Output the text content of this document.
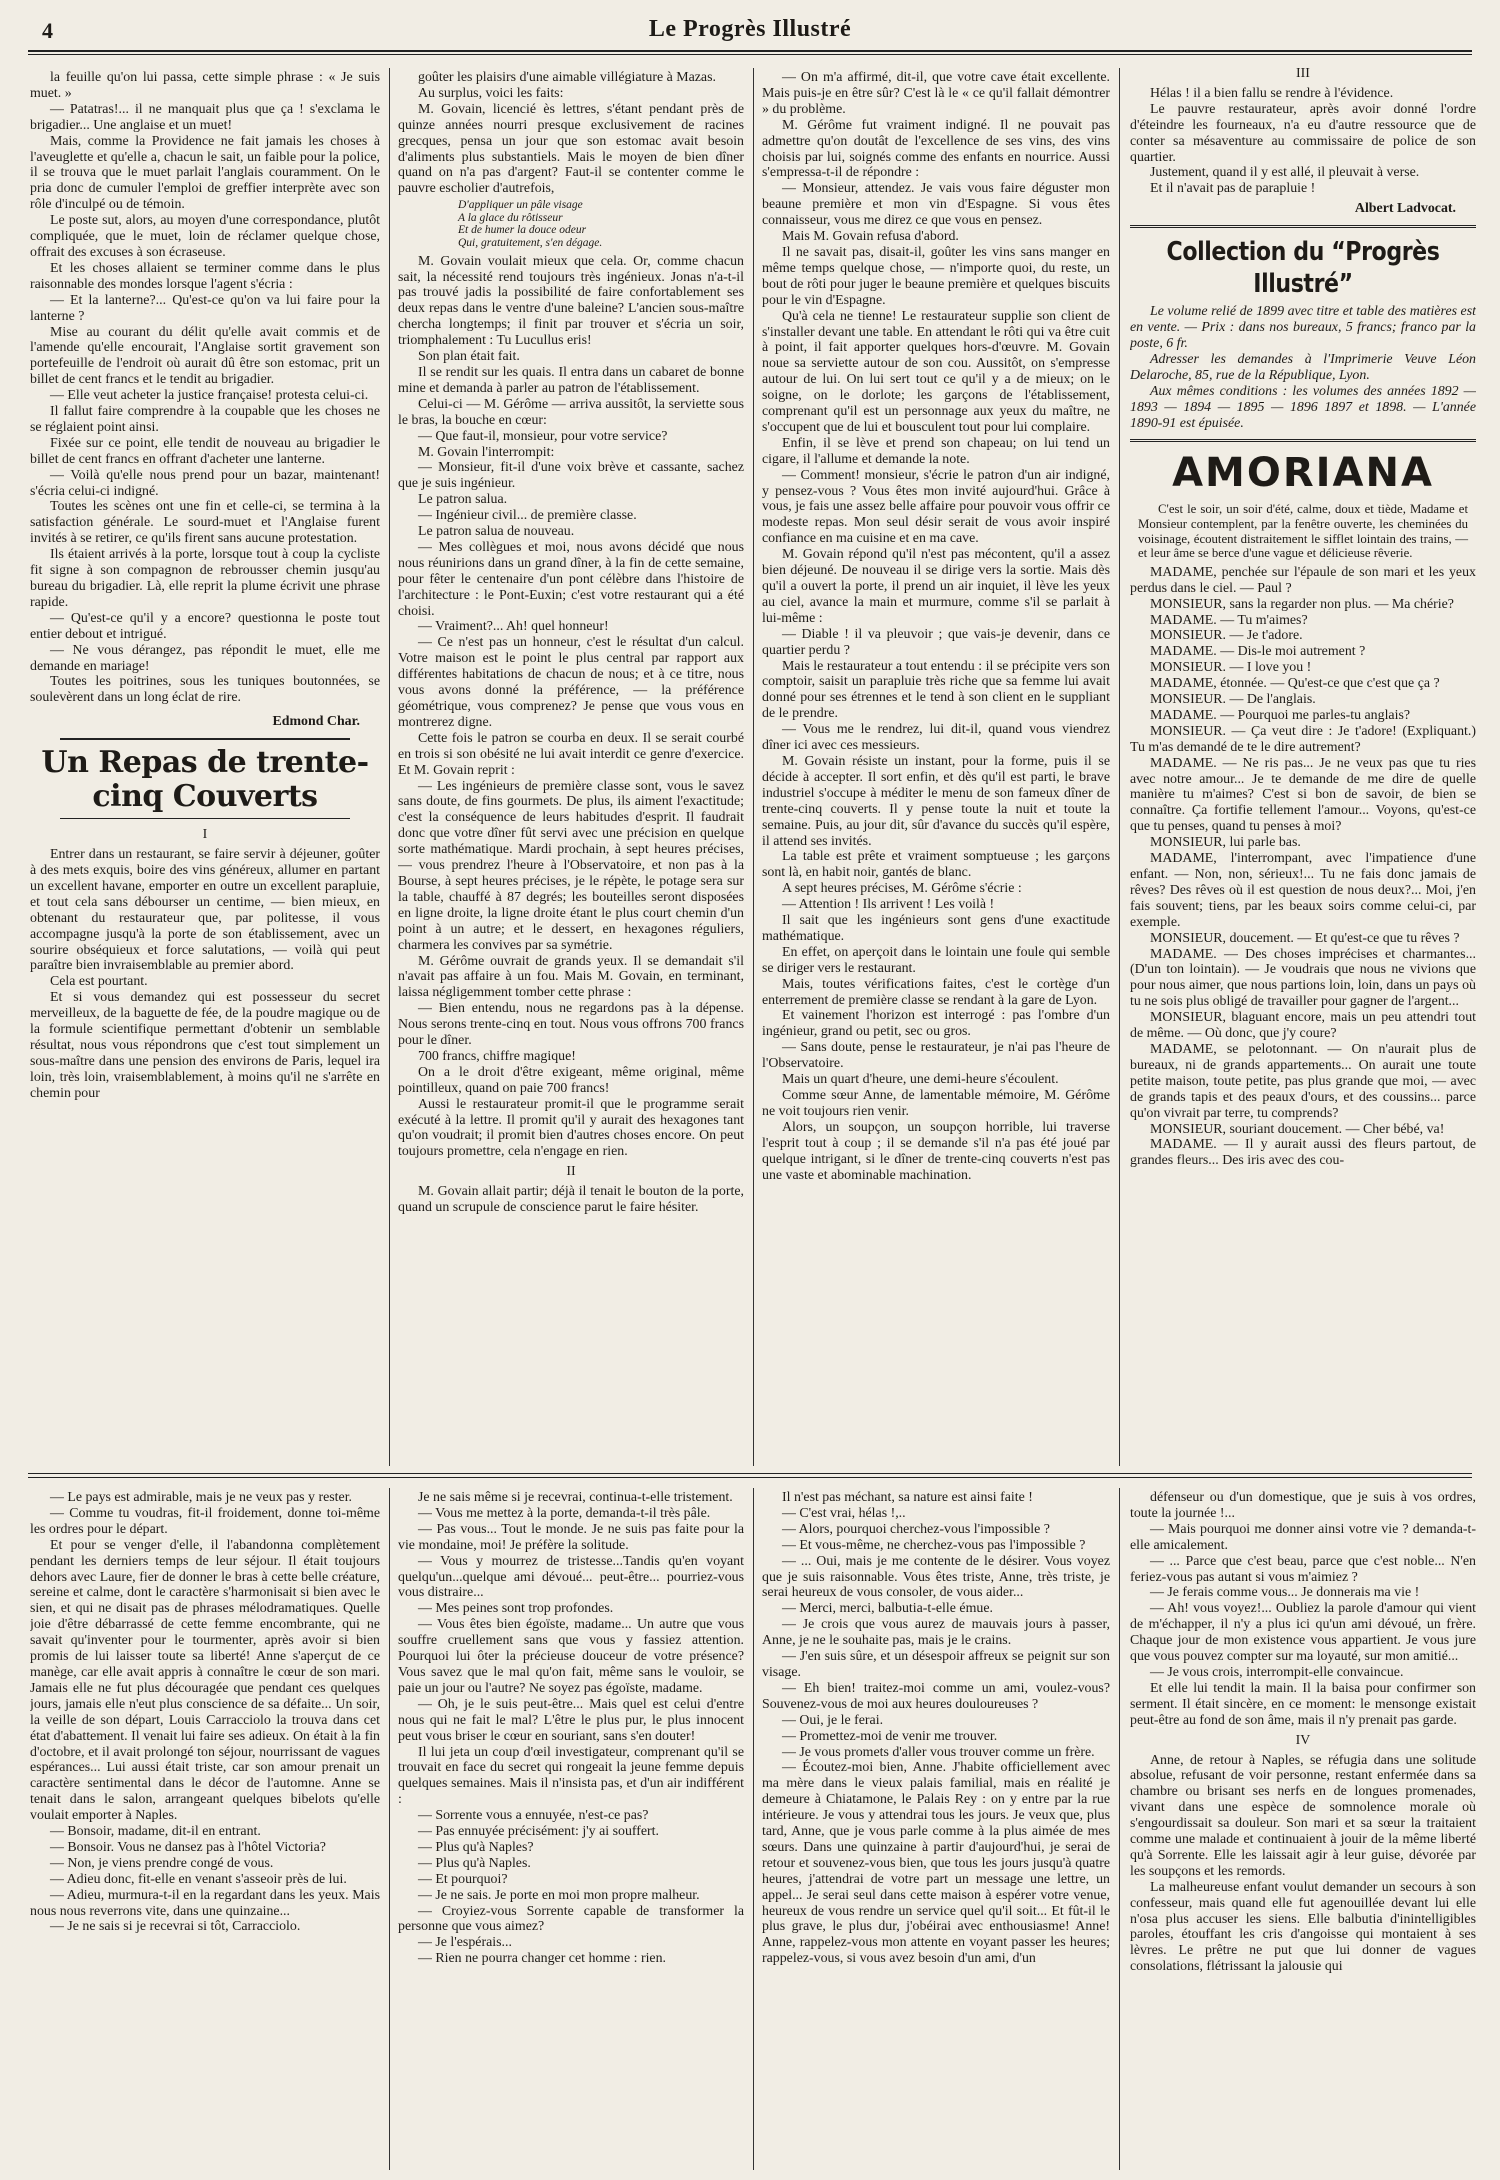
4	Le Progrès Illustré

la feuille qu'on lui passa, cette simple phrase : « Je suis muet. »

— Patatras!... il ne manquait plus que ça ! s'exclama le brigadier... Une anglaise et un muet!

Mais, comme la Providence ne fait jamais les choses à l'aveuglette et qu'elle a, chacun le sait, un faible pour la police, il se trouva que le muet parlait l'anglais couramment. On le pria donc de cumuler l'emploi de greffier interprète avec son rôle d'inculpé ou de témoin.

Le poste sut, alors, au moyen d'une correspondance, plutôt compliquée, que le muet, loin de réclamer quelque chose, offrait des excuses à son écraseuse.

Et les choses allaient se terminer comme dans le plus raisonnable des mondes lorsque l'agent s'écria :

— Et la lanterne?... Qu'est-ce qu'on va lui faire pour la lanterne ?

Mise au courant du délit qu'elle avait commis et de l'amende qu'elle encourait, l'Anglaise sortit gravement son portefeuille de l'endroit où aurait dû être son estomac, prit un billet de cent francs et le tendit au brigadier.

— Elle veut acheter la justice française! protesta celui-ci.

Il fallut faire comprendre à la coupable que les choses ne se réglaient point ainsi.

Fixée sur ce point, elle tendit de nouveau au brigadier le billet de cent francs en offrant d'acheter une lanterne.

— Voilà qu'elle nous prend pour un bazar, maintenant! s'écria celui-ci indigné.

Toutes les scènes ont une fin et celle-ci, se termina à la satisfaction générale. Le sourd-muet et l'Anglaise furent invités à se retirer, ce qu'ils firent sans aucune protestation.

Ils étaient arrivés à la porte, lorsque tout à coup la cycliste fit signe à son compagnon de rebrousser chemin jusqu'au bureau du brigadier. Là, elle reprit la plume écrivit une phrase rapide.

— Qu'est-ce qu'il y a encore? questionna le poste tout entier debout et intrigué.

— Ne vous dérangez, pas répondit le muet, elle me demande en mariage!

Toutes les poitrines, sous les tuniques boutonnées, se soulevèrent dans un long éclat de rire.

Edmond Char.
Un Repas de trente-cinq Couverts
I

Entrer dans un restaurant, se faire servir à déjeuner, goûter à des mets exquis, boire des vins généreux, allumer en partant un excellent havane, emporter en outre un excellent parapluie, et tout cela sans débourser un centime, — bien mieux, en obtenant du restaurateur que, par politesse, il vous accompagne jusqu'à la porte de son établissement, avec un sourire obséquieux et force salutations, — voilà qui peut paraître bien invraisemblable au premier abord.

Cela est pourtant.

Et si vous demandez qui est possesseur du secret merveilleux, de la baguette de fée, de la poudre magique ou de la formule scientifique permettant d'obtenir un semblable résultat, nous vous répondrons que c'est tout simplement un sous-maître dans une pension des environs de Paris, lequel ira loin, très loin, vraisemblablement, à moins qu'il ne s'arrête en chemin pour

goûter les plaisirs d'une aimable villégiature à Mazas.

Au surplus, voici les faits:

M. Govain, licencié ès lettres, s'étant pendant près de quinze années nourri presque exclusivement de racines grecques, pensa un jour que son estomac avait besoin d'aliments plus substantiels. Mais le moyen de bien dîner quand on n'a pas d'argent? Faut-il se contenter comme le pauvre escholier d'autrefois,

D'appliquer un pâle visage
A la glace du rôtisseur
Et de humer la douce odeur
Qui, gratuitement, s'en dégage.

M. Govain voulait mieux que cela. Or, comme chacun sait, la nécessité rend toujours très ingénieux. Jonas n'a-t-il pas trouvé jadis la possibilité de faire confortablement ses deux repas dans le ventre d'une baleine? L'ancien sous-maître chercha longtemps; il finit par trouver et s'écria un soir, triomphalement : Tu Lucullus eris!

Son plan était fait.

Il se rendit sur les quais. Il entra dans un cabaret de bonne mine et demanda à parler au patron de l'établissement.

Celui-ci — M. Gérôme — arriva aussitôt, la serviette sous le bras, la bouche en cœur:

— Que faut-il, monsieur, pour votre service?

M. Govain l'interrompit:

— Monsieur, fit-il d'une voix brève et cassante, sachez que je suis ingénieur.

Le patron salua.

— Ingénieur civil... de première classe.

Le patron salua de nouveau.

— Mes collègues et moi, nous avons décidé que nous nous réunirions dans un grand dîner, à la fin de cette semaine, pour fêter le centenaire d'un pont célèbre dans l'histoire de l'architecture : le Pont-Euxin; c'est votre restaurant qui a été choisi.

— Vraiment?... Ah! quel honneur!

— Ce n'est pas un honneur, c'est le résultat d'un calcul. Votre maison est le point le plus central par rapport aux différentes habitations de chacun de nous; et à ce titre, nous vous avons donné la préférence, — la préférence géométrique, vous comprenez? Je pense que vous vous en montrerez digne.

Cette fois le patron se courba en deux. Il se serait courbé en trois si son obésité ne lui avait interdit ce genre d'exercice. Et M. Govain reprit :

— Les ingénieurs de première classe sont, vous le savez sans doute, de fins gourmets. De plus, ils aiment l'exactitude; c'est la conséquence de leurs habitudes d'esprit. Il faudrait donc que votre dîner fût servi avec une précision en quelque sorte mathématique. Mardi prochain, à sept heures précises, — vous prendrez l'heure à l'Observatoire, et non pas à la Bourse, à sept heures précises, je le répète, le potage sera sur la table, chauffé à 87 degrés; les bouteilles seront disposées en ligne droite, la ligne droite étant le plus court chemin d'un point à un autre; et le dessert, en hexagones réguliers, charmera les convives par sa symétrie.

M. Gérôme ouvrait de grands yeux. Il se demandait s'il n'avait pas affaire à un fou. Mais M. Govain, en terminant, laissa négligemment tomber cette phrase :

— Bien entendu, nous ne regardons pas à la dépense. Nous serons trente-cinq en tout. Nous vous offrons 700 francs pour le dîner.

700 francs, chiffre magique!

On a le droit d'être exigeant, même original, même pointilleux, quand on paie 700 francs!

Aussi le restaurateur promit-il que le programme serait exécuté à la lettre. Il promit qu'il y aurait des hexagones tant qu'on voudrait; il promit bien d'autres choses encore. On peut toujours promettre, cela n'engage en rien.

II

M. Govain allait partir; déjà il tenait le bouton de la porte, quand un scrupule de conscience parut le faire hésiter.

— On m'a affirmé, dit-il, que votre cave était excellente. Mais puis-je en être sûr? C'est là le « ce qu'il fallait démontrer » du problème.

M. Gérôme fut vraiment indigné. Il ne pouvait pas admettre qu'on doutât de l'excellence de ses vins, des vins choisis par lui, soignés comme des enfants en nourrice. Aussi s'empressa-t-il de répondre :

— Monsieur, attendez. Je vais vous faire déguster mon beaune première et mon vin d'Espagne. Si vous êtes connaisseur, vous me direz ce que vous en pensez.

Mais M. Govain refusa d'abord.

Il ne savait pas, disait-il, goûter les vins sans manger en même temps quelque chose, — n'importe quoi, du reste, un bout de rôti pour juger le beaune première et quelques biscuits pour le vin d'Espagne.

Qu'à cela ne tienne! Le restaurateur supplie son client de s'installer devant une table. En attendant le rôti qui va être cuit à point, il fait apporter quelques hors-d'œuvre. M. Govain noue sa serviette autour de son cou. Aussitôt, on s'empresse autour de lui. On lui sert tout ce qu'il y a de mieux; on le soigne, on le dorlote; les garçons de l'établissement, comprenant qu'il est un personnage aux yeux du maître, ne s'occupent que de lui et bousculent tout pour lui complaire.

Enfin, il se lève et prend son chapeau; on lui tend un cigare, il l'allume et demande la note.

— Comment! monsieur, s'écrie le patron d'un air indigné, y pensez-vous ? Vous êtes mon invité aujourd'hui. Grâce à vous, je fais une assez belle affaire pour pouvoir vous offrir ce modeste repas. Mon seul désir serait de vous avoir inspiré confiance en ma cuisine et en ma cave.

M. Govain répond qu'il n'est pas mécontent, qu'il a assez bien déjeuné. De nouveau il se dirige vers la sortie. Mais dès qu'il a ouvert la porte, il prend un air inquiet, il lève les yeux au ciel, avance la main et murmure, comme s'il se parlait à lui-même :

— Diable ! il va pleuvoir ; que vais-je devenir, dans ce quartier perdu ?

Mais le restaurateur a tout entendu : il se précipite vers son comptoir, saisit un parapluie très riche que sa femme lui avait donné pour ses étrennes et le tend à son client en le suppliant de le prendre.

— Vous me le rendrez, lui dit-il, quand vous viendrez dîner ici avec ces messieurs.

M. Govain résiste un instant, pour la forme, puis il se décide à accepter. Il sort enfin, et dès qu'il est parti, le brave industriel s'occupe à méditer le menu de son fameux dîner de trente-cinq couverts. Il y pense toute la nuit et toute la semaine. Puis, au jour dit, sûr d'avance du succès qu'il espère, il attend ses invités.

La table est prête et vraiment somptueuse ; les garçons sont là, en habit noir, gantés de blanc.

A sept heures précises, M. Gérôme s'écrie :

— Attention ! Ils arrivent ! Les voilà !

Il sait que les ingénieurs sont gens d'une exactitude mathématique.

En effet, on aperçoit dans le lointain une foule qui semble se diriger vers le restaurant.

Mais, toutes vérifications faites, c'est le cortège d'un enterrement de première classe se rendant à la gare de Lyon.

Et vainement l'horizon est interrogé : pas l'ombre d'un ingénieur, grand ou petit, sec ou gros.

— Sans doute, pense le restaurateur, je n'ai pas l'heure de l'Observatoire.

Mais un quart d'heure, une demi-heure s'écoulent.

Comme sœur Anne, de lamentable mémoire, M. Gérôme ne voit toujours rien venir.

Alors, un soupçon, un soupçon horrible, lui traverse l'esprit tout à coup ; il se demande s'il n'a pas été joué par quelque intrigant, si le dîner de trente-cinq couverts n'est pas une vaste et abominable machination.

III

Hélas ! il a bien fallu se rendre à l'évidence.

Le pauvre restaurateur, après avoir donné l'ordre d'éteindre les fourneaux, n'a eu d'autre ressource que de conter sa mésaventure au commissaire de police de son quartier.

Justement, quand il y est allé, il pleuvait à verse.

Et il n'avait pas de parapluie !

Albert Ladvocat.
Collection du “Progrès Illustré”

Le volume relié de 1899 avec titre et table des matières est en vente. — Prix : dans nos bureaux, 5 francs; franco par la poste, 6 fr.

Adresser les demandes à l'Imprimerie Veuve Léon Delaroche, 85, rue de la République, Lyon.

Aux mêmes conditions : les volumes des années 1892 — 1893 — 1894 — 1895 — 1896 1897 et 1898. — L'année 1890-91 est épuisée.

AMORIANA

C'est le soir, un soir d'été, calme, doux et tiède, Madame et Monsieur contemplent, par la fenêtre ouverte, les cheminées du voisinage, écoutent distraitement le sifflet lointain des trains, — et leur âme se berce d'une vague et délicieuse rêverie.

MADAME, penchée sur l'épaule de son mari et les yeux perdus dans le ciel. — Paul ?

MONSIEUR, sans la regarder non plus. — Ma chérie?

MADAME. — Tu m'aimes?

MONSIEUR. — Je t'adore.

MADAME. — Dis-le moi autrement ?

MONSIEUR. — I love you !

MADAME, étonnée. — Qu'est-ce que c'est que ça ?

MONSIEUR. — De l'anglais.

MADAME. — Pourquoi me parles-tu anglais?

MONSIEUR. — Ça veut dire : Je t'adore! (Expliquant.) Tu m'as demandé de te le dire autrement?

MADAME. — Ne ris pas... Je ne veux pas que tu ries avec notre amour... Je te demande de me dire de quelle manière tu m'aimes? C'est si bon de savoir, de bien se connaître. Ça fortifie tellement l'amour... Voyons, qu'est-ce que tu penses, quand tu penses à moi?

MONSIEUR, lui parle bas.

MADAME, l'interrompant, avec l'impatience d'une enfant. — Non, non, sérieux!... Tu ne fais donc jamais de rêves? Des rêves où il est question de nous deux?... Moi, j'en fais souvent; tiens, par les beaux soirs comme celui-ci, par exemple.

MONSIEUR, doucement. — Et qu'est-ce que tu rêves ?

MADAME. — Des choses imprécises et charmantes... (D'un ton lointain). — Je voudrais que nous ne vivions que pour nous aimer, que nous partions loin, loin, dans un pays où tu ne sois plus obligé de travailler pour gagner de l'argent...

MONSIEUR, blaguant encore, mais un peu attendri tout de même. — Où donc, que j'y coure?

MADAME, se pelotonnant. — On n'aurait plus de bureaux, ni de grands appartements... On aurait une toute petite maison, toute petite, pas plus grande que moi, — avec de grands tapis et des peaux d'ours, et des coussins... parce qu'on vivrait par terre, tu comprends?

MONSIEUR, souriant doucement. — Cher bébé, va!

MADAME. — Il y aurait aussi des fleurs partout, de grandes fleurs... Des iris avec des cou-

— Le pays est admirable, mais je ne veux pas y rester.

— Comme tu voudras, fit-il froidement, donne toi-même les ordres pour le départ.

Et pour se venger d'elle, il l'abandonna complètement pendant les derniers temps de leur séjour. Il était toujours dehors avec Laure, fier de donner le bras à cette belle créature, sereine et calme, dont le caractère s'harmonisait si bien avec le sien, et qui ne disait pas de phrases mélodramatiques. Quelle joie d'être débarrassé de cette femme encombrante, qui ne savait qu'inventer pour le tourmenter, après avoir si bien promis de lui laisser toute sa liberté! Anne s'aperçut de ce manège, car elle avait appris à connaître le cœur de son mari. Jamais elle ne fut plus découragée que pendant ces quelques jours, jamais elle n'eut plus conscience de sa défaite... Un soir, la veille de son départ, Louis Carracciolo la trouva dans cet état d'abattement. Il venait lui faire ses adieux. On était à la fin d'octobre, et il avait prolongé ton séjour, nourrissant de vagues espérances... Lui aussi était triste, car son amour prenait un caractère sentimental dans le décor de l'automne. Anne se tenait dans le salon, arrangeant quelques bibelots qu'elle voulait emporter à Naples.

— Bonsoir, madame, dit-il en entrant.

— Bonsoir. Vous ne dansez pas à l'hôtel Victoria?

— Non, je viens prendre congé de vous.

— Adieu donc, fit-elle en venant s'asseoir près de lui.

— Adieu, murmura-t-il en la regardant dans les yeux. Mais nous nous reverrons vite, dans une quinzaine...

— Je ne sais si je recevrai si tôt, Carracciolo.

Je ne sais même si je recevrai, continua-t-elle tristement.

— Vous me mettez à la porte, demanda-t-il très pâle.

— Pas vous... Tout le monde. Je ne suis pas faite pour la vie mondaine, moi! Je préfère la solitude.

— Vous y mourrez de tristesse...Tandis qu'en voyant quelqu'un...quelque ami dévoué... peut-être... pourriez-vous vous distraire...

— Mes peines sont trop profondes.

— Vous êtes bien égoïste, madame... Un autre que vous souffre cruellement sans que vous y fassiez attention. Pourquoi lui ôter la précieuse douceur de votre présence? Vous savez que le mal qu'on fait, même sans le vouloir, se paie un jour ou l'autre? Ne soyez pas égoïste, madame.

— Oh, je le suis peut-être... Mais quel est celui d'entre nous qui ne fait le mal? L'être le plus pur, le plus innocent peut vous briser le cœur en souriant, sans s'en douter!

Il lui jeta un coup d'œil investigateur, comprenant qu'il se trouvait en face du secret qui rongeait la jeune femme depuis quelques semaines. Mais il n'insista pas, et d'un air indifférent :

— Sorrente vous a ennuyée, n'est-ce pas?

— Pas ennuyée précisément: j'y ai souffert.

— Plus qu'à Naples?

— Plus qu'à Naples.

— Et pourquoi?

— Je ne sais. Je porte en moi mon propre malheur.

— Croyiez-vous Sorrente capable de transformer la personne que vous aimez?

— Je l'espérais...

— Rien ne pourra changer cet homme : rien.

Il n'est pas méchant, sa nature est ainsi faite !

— C'est vrai, hélas !,..

— Alors, pourquoi cherchez-vous l'impossible ?

— Et vous-même, ne cherchez-vous pas l'impossible ?

— ... Oui, mais je me contente de le désirer. Vous voyez que je suis raisonnable. Vous êtes triste, Anne, très triste, je serai heureux de vous consoler, de vous aider...

— Merci, merci, balbutia-t-elle émue.

— Je crois que vous aurez de mauvais jours à passer, Anne, je ne le souhaite pas, mais je le crains.

— J'en suis sûre, et un désespoir affreux se peignit sur son visage.

— Eh bien! traitez-moi comme un ami, voulez-vous? Souvenez-vous de moi aux heures douloureuses ?

— Oui, je le ferai.

— Promettez-moi de venir me trouver.

— Je vous promets d'aller vous trouver comme un frère.

— Écoutez-moi bien, Anne. J'habite officiellement avec ma mère dans le vieux palais familial, mais en réalité je demeure à Chiatamone, le Palais Rey : on y entre par la rue intérieure. Je vous y attendrai tous les jours. Je veux que, plus tard, Anne, que je vous parle comme à la plus aimée de mes sœurs. Dans une quinzaine à partir d'aujourd'hui, je serai de retour et souvenez-vous bien, que tous les jours jusqu'à quatre heures, j'attendrai de votre part un message une lettre, un appel... Je serai seul dans cette maison à espérer votre venue, heureux de vous rendre un service quel qu'il soit... Et fût-il le plus grave, le plus dur, j'obéirai avec enthousiasme! Anne! Anne, rappelez-vous mon attente en voyant passer les heures; rappelez-vous, si vous avez besoin d'un ami, d'un

défenseur ou d'un domestique, que je suis à vos ordres, toute la journée !...

— Mais pourquoi me donner ainsi votre vie ? demanda-t-elle amicalement.

— ... Parce que c'est beau, parce que c'est noble... N'en feriez-vous pas autant si vous m'aimiez ?

— Je ferais comme vous... Je donnerais ma vie !

— Ah! vous voyez!... Oubliez la parole d'amour qui vient de m'échapper, il n'y a plus ici qu'un ami dévoué, un frère. Chaque jour de mon existence vous appartient. Je vous jure que vous pouvez compter sur ma loyauté, sur mon amitié...

— Je vous crois, interrompit-elle convaincue.

Et elle lui tendit la main. Il la baisa pour confirmer son serment. Il était sincère, en ce moment: le mensonge existait peut-être au fond de son âme, mais il n'y prenait pas garde.

IV

Anne, de retour à Naples, se réfugia dans une solitude absolue, refusant de voir personne, restant enfermée dans sa chambre ou brisant ses nerfs en de longues promenades, vivant dans une espèce de somnolence morale où s'engourdissait sa douleur. Son mari et sa sœur la traitaient comme une malade et continuaient à jouir de la même liberté qu'à Sorrente. Elle les laissait agir à leur guise, dévorée par les soupçons et les remords.

La malheureuse enfant voulut demander un secours à son confesseur, mais quand elle fut agenouillée devant lui elle n'osa plus accuser les siens. Elle balbutia d'inintelligibles paroles, étouffant les cris d'angoisse qui montaient à ses lèvres. Le prêtre ne put que lui donner de vagues consolations, flétrissant la jalousie qui
